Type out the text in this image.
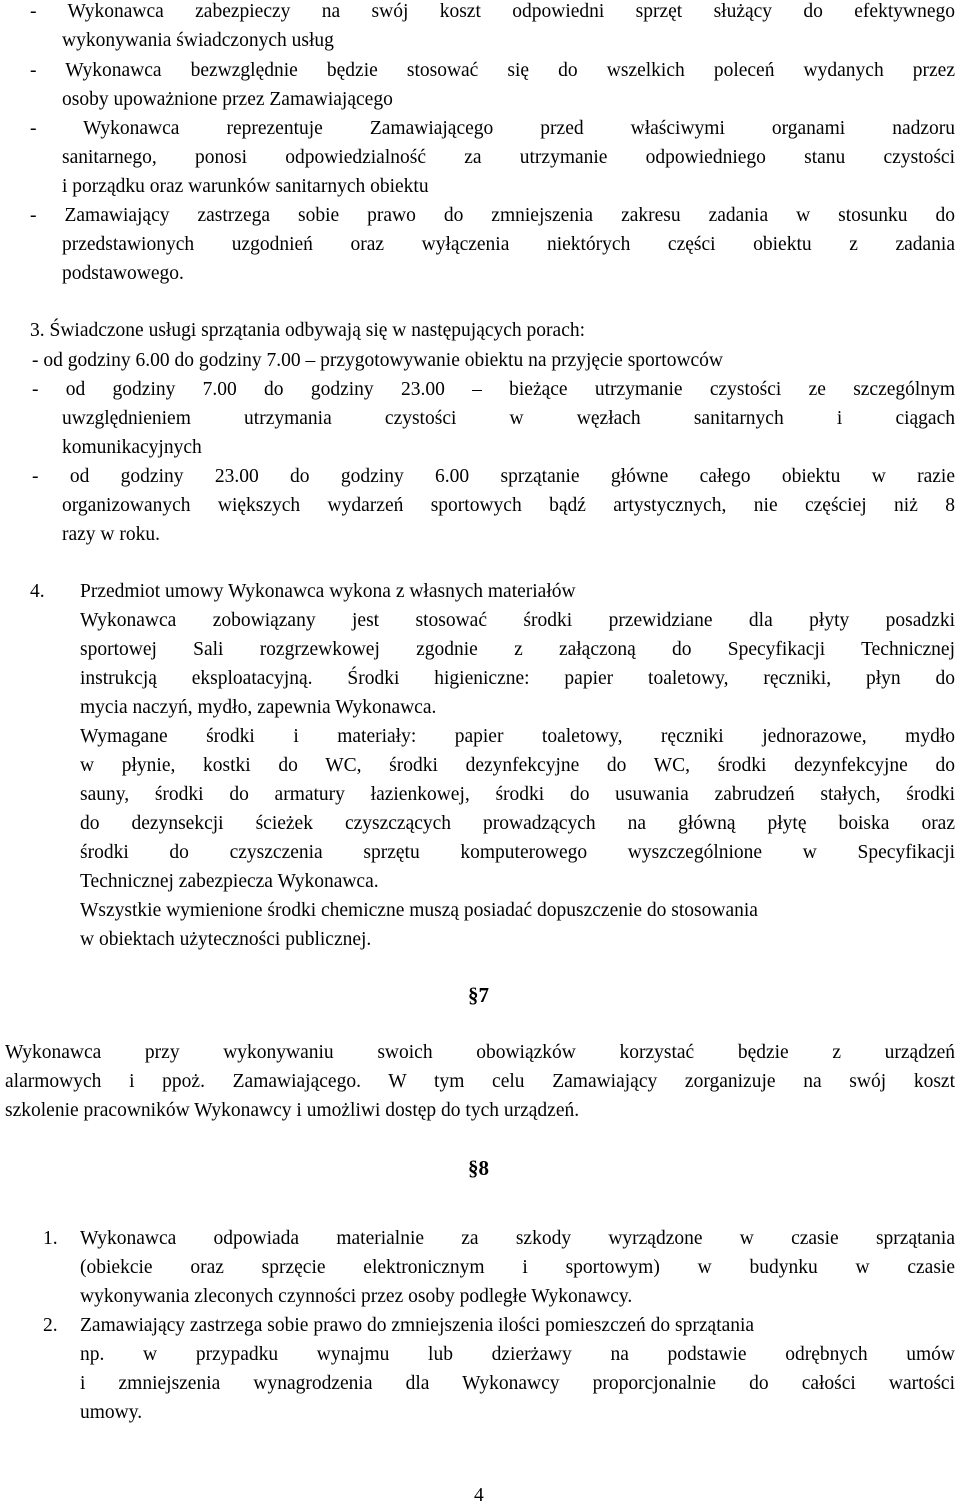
- Wykonawca zabezpieczy na swój koszt odpowiedni sprzęt służący do efektywnego
wykonywania świadczonych usług
- Wykonawca bezwzględnie będzie stosować się do wszelkich poleceń wydanych przez
osoby upoważnione przez Zamawiającego
- Wykonawca reprezentuje Zamawiającego przed właściwymi organami nadzoru
sanitarnego, ponosi odpowiedzialność za utrzymanie odpowiedniego stanu czystości
i porządku oraz warunków sanitarnych obiektu
- Zamawiający zastrzega sobie prawo do zmniejszenia zakresu zadania w stosunku do
przedstawionych uzgodnień oraz wyłączenia niektórych części obiektu z zadania
podstawowego.
3. Świadczone usługi sprzątania odbywają się w następujących porach:
- od godziny 6.00 do godziny 7.00 – przygotowywanie obiektu na przyjęcie sportowców
- od godziny 7.00 do godziny 23.00 – bieżące utrzymanie czystości ze szczególnym
uwzględnieniem utrzymania czystości w węzłach sanitarnych i ciągach
komunikacyjnych
- od godziny 23.00 do godziny 6.00 sprzątanie główne całego obiektu w razie
organizowanych większych wydarzeń sportowych bądź artystycznych, nie częściej niż 8
razy w roku.
4. Przedmiot umowy Wykonawca wykona z własnych materiałów
Wykonawca zobowiązany jest stosować środki przewidziane dla płyty posadzki
sportowej Sali rozgrzewkowej zgodnie z załączoną do Specyfikacji Technicznej
instrukcją eksploatacyjną. Środki higieniczne: papier toaletowy, ręczniki, płyn do
mycia naczyń, mydło, zapewnia Wykonawca.
Wymagane środki i materiały: papier toaletowy, ręczniki jednorazowe, mydło
w płynie, kostki do WC, środki dezynfekcyjne do WC, środki dezynfekcyjne do
sauny, środki do armatury łazienkowej, środki do usuwania zabrudzeń stałych, środki
do dezynsekcji ścieżek czyszczących prowadzących na główną płytę boiska oraz
środki do czyszczenia sprzętu komputerowego wyszczególnione w Specyfikacji
Technicznej zabezpiecza Wykonawca.
Wszystkie wymienione środki chemiczne muszą posiadać dopuszczenie do stosowania
w obiektach użyteczności publicznej.
§7
Wykonawca przy wykonywaniu swoich obowiązków korzystać będzie z urządzeń
alarmowych i ppoż. Zamawiającego. W tym celu Zamawiający zorganizuje na swój koszt
szkolenie pracowników Wykonawcy i umożliwi dostęp do tych urządzeń.
§8
1. Wykonawca odpowiada materialnie za szkody wyrządzone w czasie sprzątania
(obiekcie oraz sprzęcie elektronicznym i sportowym) w budynku w czasie
wykonywania zleconych czynności przez osoby podległe Wykonawcy.
2. Zamawiający zastrzega sobie prawo do zmniejszenia ilości pomieszczeń do sprzątania
np. w przypadku wynajmu lub dzierżawy na podstawie odrębnych umów
i zmniejszenia wynagrodzenia dla Wykonawcy proporcjonalnie do całości wartości
umowy.
4
